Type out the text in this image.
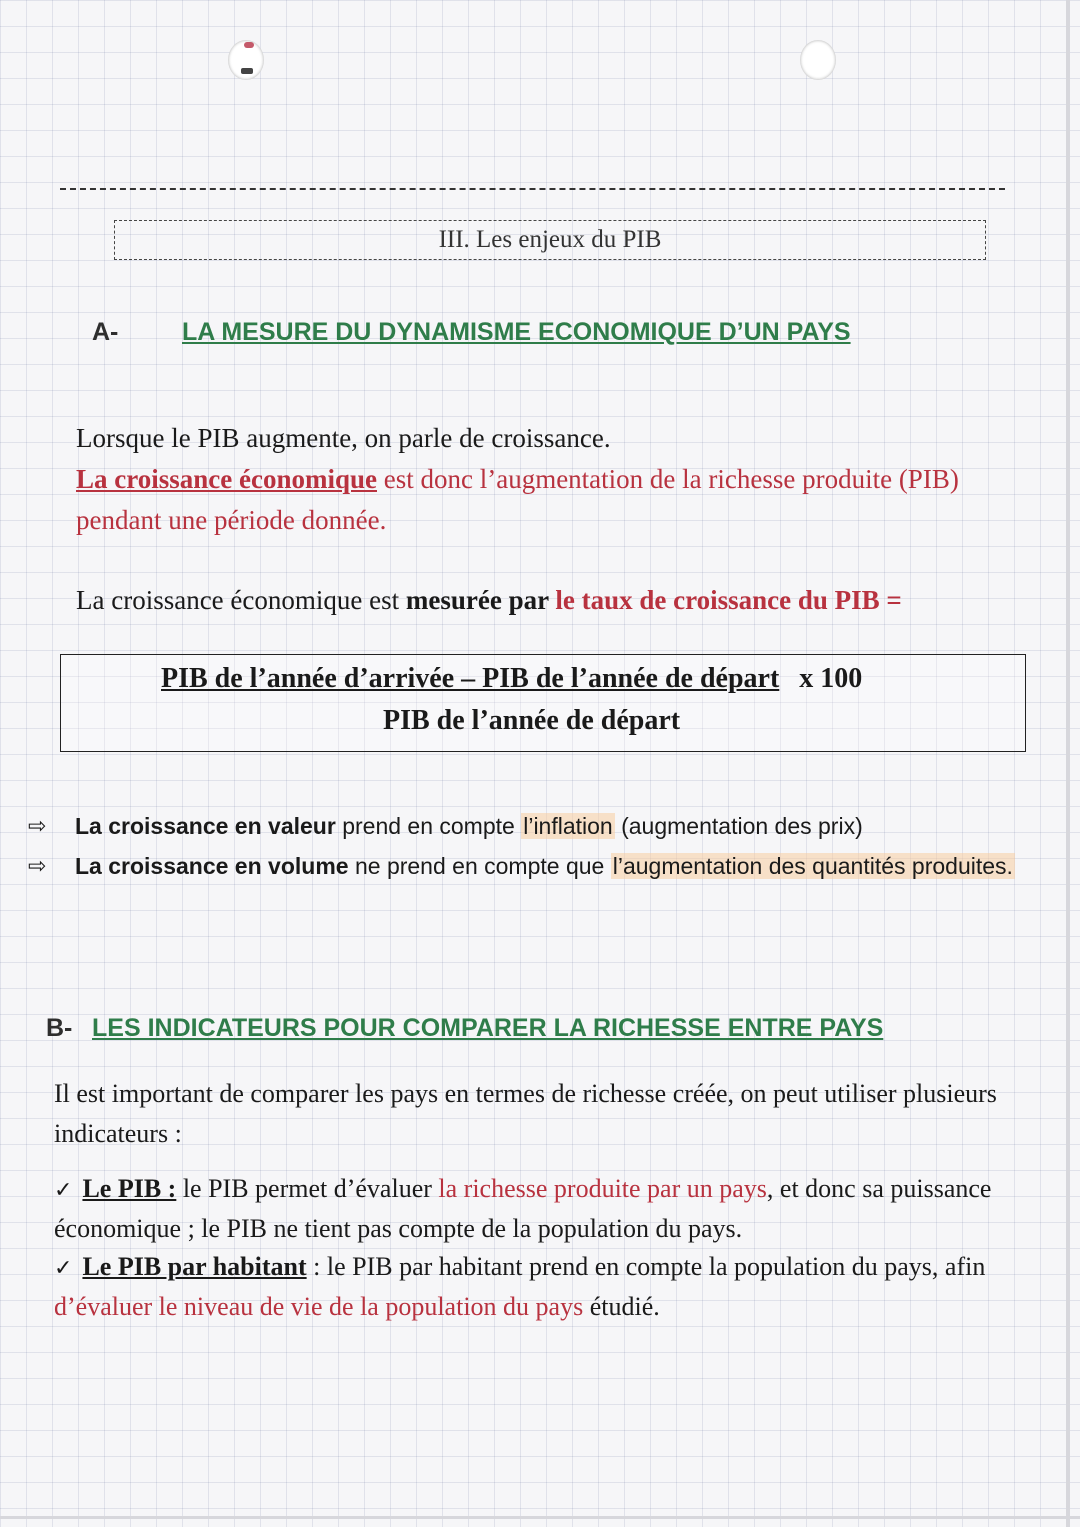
III. Les enjeux du PIB
A-	LA MESURE DU DYNAMISME ECONOMIQUE D’UN PAYS
Lorsque le PIB augmente, on parle de croissance.
La croissance économique est donc l’augmentation de la richesse produite (PIB) pendant une période donnée.
La croissance économique est mesurée par le taux de croissance du PIB =
PIB de l’année d’arrivée – PIB de l’année de départ x 100
PIB de l’année de départ
⇨ La croissance en valeur prend en compte l’inflation (augmentation des prix)
⇨ La croissance en volume ne prend en compte que l’augmentation des quantités produites.
B- LES INDICATEURS POUR COMPARER LA RICHESSE ENTRE PAYS
Il est important de comparer les pays en termes de richesse créée, on peut utiliser plusieurs indicateurs :
✓ Le PIB : le PIB permet d’évaluer la richesse produite par un pays, et donc sa puissance économique ; le PIB ne tient pas compte de la population du pays.
✓ Le PIB par habitant : le PIB par habitant prend en compte la population du pays, afin d’évaluer le niveau de vie de la population du pays étudié.
